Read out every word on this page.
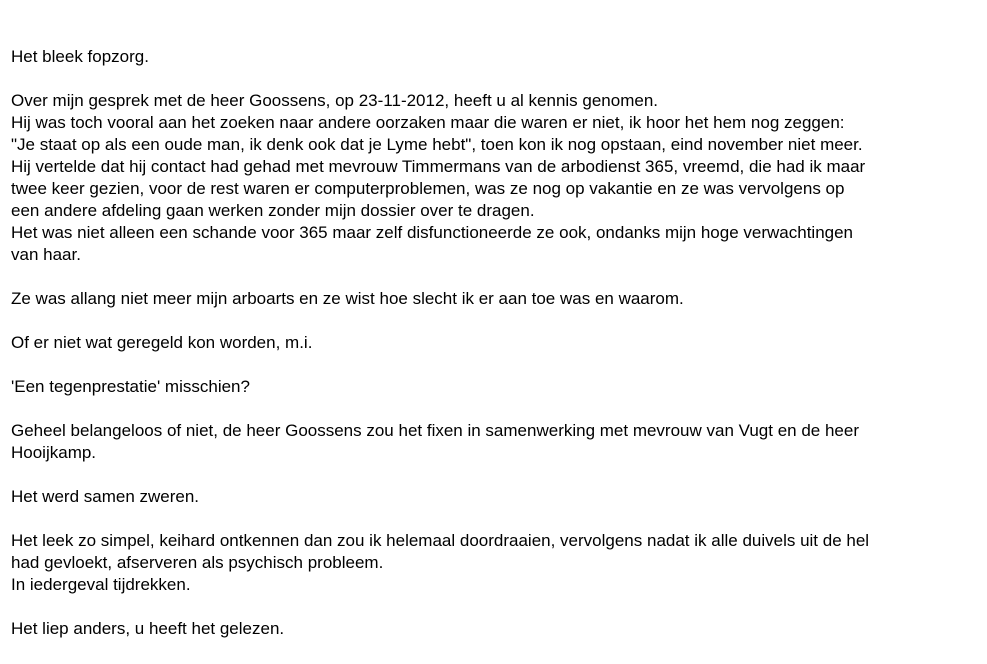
Het bleek fopzorg.
Over mijn gesprek met de heer Goossens, op 23-11-2012, heeft u al kennis genomen.
Hij was toch vooral aan het zoeken naar andere oorzaken maar die waren er niet, ik hoor het hem nog zeggen:
"Je staat op als een oude man, ik denk ook dat je Lyme hebt", toen kon ik nog opstaan, eind november niet meer.
Hij vertelde dat hij contact had gehad met mevrouw Timmermans van de arbodienst 365, vreemd, die had ik maar
twee keer gezien, voor de rest waren er computerproblemen, was ze nog op vakantie en ze was vervolgens op
een andere afdeling gaan werken zonder mijn dossier over te dragen.
Het was niet alleen een schande voor 365 maar zelf disfunctioneerde ze ook, ondanks mijn hoge verwachtingen
van haar.
Ze was allang niet meer mijn arboarts en ze wist hoe slecht ik er aan toe was en waarom.
Of er niet wat geregeld kon worden, m.i.
'Een tegenprestatie' misschien?
Geheel belangeloos of niet, de heer Goossens zou het fixen in samenwerking met mevrouw van Vugt en de heer
Hooijkamp.
Het werd samen zweren.
Het leek zo simpel, keihard ontkennen dan zou ik helemaal doordraaien, vervolgens nadat ik alle duivels uit de hel
had gevloekt, afserveren als psychisch probleem.
In iedergeval tijdrekken.
Het liep anders, u heeft het gelezen.
